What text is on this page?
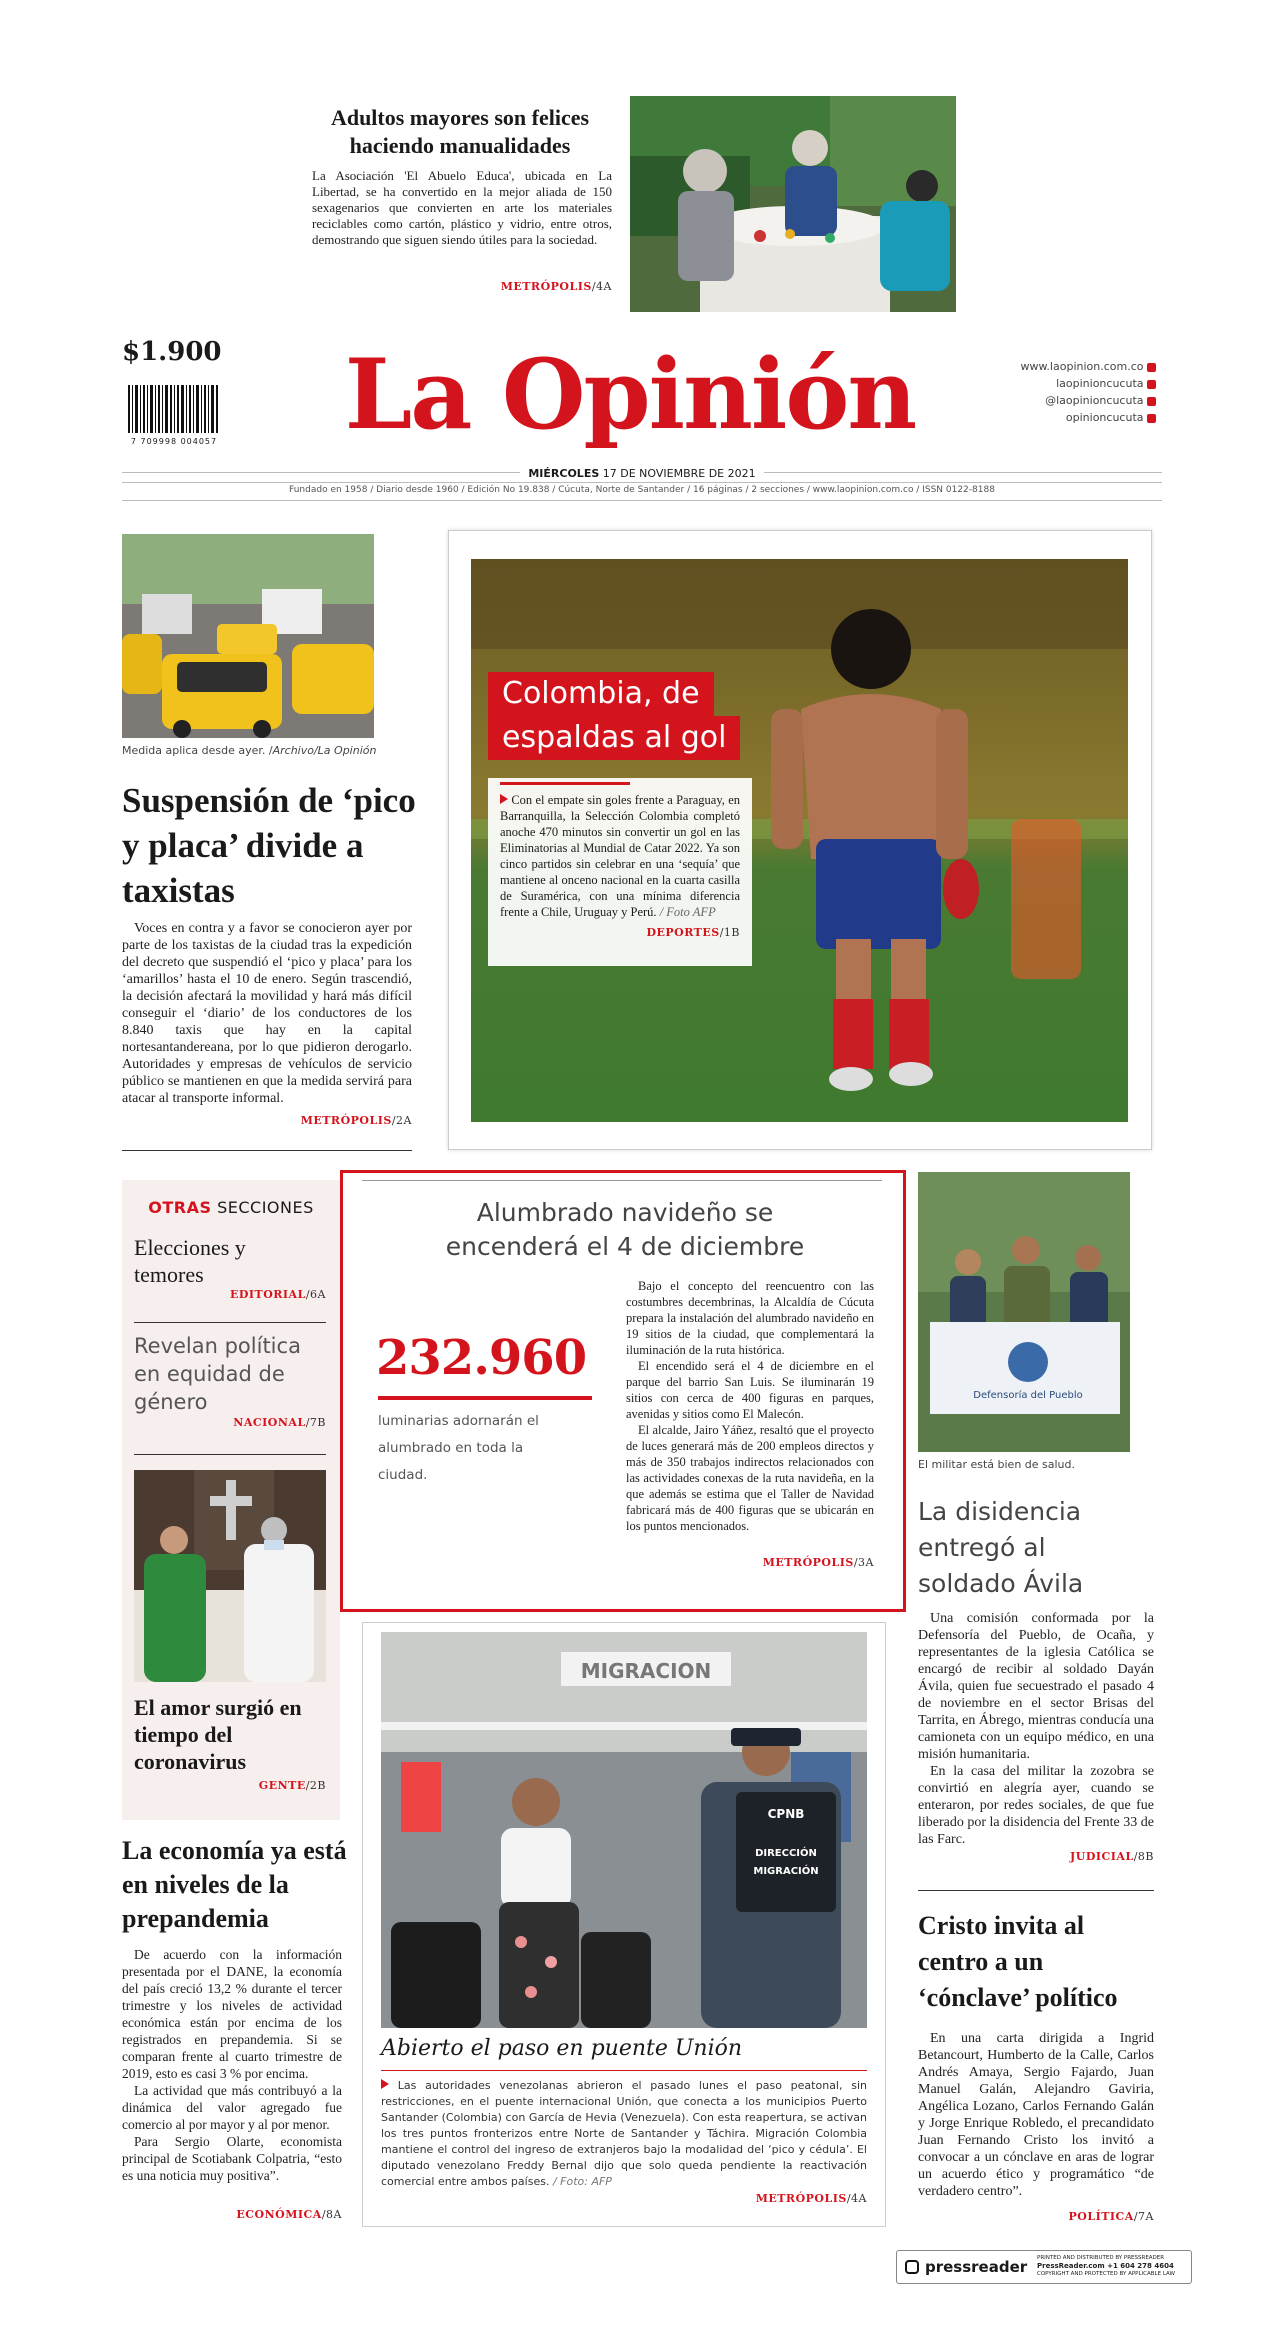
Adultos mayores son felices haciendo manualidades
La Asociación 'El Abuelo Educa', ubicada en La Libertad, se ha convertido en la mejor aliada de 150 sexagenarios que convierten en arte los materiales reciclables como cartón, plástico y vidrio, entre otros, demostrando que siguen siendo útiles para la sociedad.
METRÓPOLIS/4A
$1.900
7 709998 004057	La Opinión	www.laopinion.com.co
laopinioncucuta
@laopinioncucuta
opinioncucuta
MIÉRCOLES 17 DE NOVIEMBRE DE 2021
Fundado en 1958 / Diario desde 1960 / Edición No 19.838 / Cúcuta, Norte de Santander / 16 páginas / 2 secciones / www.laopinion.com.co / ISSN 0122-8188
Medida aplica desde ayer. /Archivo/La Opinión
Suspensión de ‘pico y placa’ divide a taxistas
Voces en contra y a favor se conocieron ayer por parte de los taxistas de la ciudad tras la expedición del decreto que suspendió el ‘pico y placa’ para los ‘amarillos’ hasta el 10 de enero. Según trascendió, la decisión afectará la movilidad y hará más difícil conseguir el ‘diario’ de los conductores de los 8.840 taxis que hay en la capital nortesantandereana, por lo que pidieron derogarlo. Autoridades y empresas de vehículos de servicio público se mantienen en que la medida servirá para atacar al transporte informal.
METRÓPOLIS/2A
Colombia, de espaldas al gol
Con el empate sin goles frente a Paraguay, en Barranquilla, la Selección Colombia completó anoche 470 minutos sin convertir un gol en las Eliminatorias al Mundial de Catar 2022. Ya son cinco partidos sin celebrar en una ‘sequía’ que mantiene al onceno nacional en la cuarta casilla de Suramérica, con una mínima diferencia frente a Chile, Uruguay y Perú. / Foto AFP
DEPORTES/1B
OTRAS SECCIONES
Elecciones y temores
EDITORIAL/6A
Revelan política en equidad de género
NACIONAL/7B
El amor surgió en tiempo del coronavirus
GENTE/2B
Alumbrado navideño se encenderá el 4 de diciembre
232.960
luminarias adornarán el alumbrado en toda la ciudad.
Bajo el concepto del reencuentro con las costumbres decembrinas, la Alcaldía de Cúcuta prepara la instalación del alumbrado navideño en 19 sitios de la ciudad, que complementará la iluminación de la ruta histórica.
El encendido será el 4 de diciembre en el parque del barrio San Luis. Se iluminarán 19 sitios con cerca de 400 figuras en parques, avenidas y sitios como El Malecón.
El alcalde, Jairo Yáñez, resaltó que el proyecto de luces generará más de 200 empleos directos y más de 350 trabajos indirectos relacionados con las actividades conexas de la ruta navideña, en la que además se estima que el Taller de Navidad fabricará más de 400 figuras que se ubicarán en los puntos mencionados.
METRÓPOLIS/3A
Defensoría del Pueblo
El militar está bien de salud.
La disidencia entregó al soldado Ávila
Una comisión conformada por la Defensoría del Pueblo, de Ocaña, y representantes de la iglesia Católica se encargó de recibir al soldado Dayán Ávila, quien fue secuestrado el pasado 4 de noviembre en el sector Brisas del Tarrita, en Ábrego, mientras conducía una camioneta con un equipo médico, en una misión humanitaria.
En la casa del militar la zozobra se convirtió en alegría ayer, cuando se enteraron, por redes sociales, de que fue liberado por la disidencia del Frente 33 de las Farc.
JUDICIAL/8B
La economía ya está en niveles de la prepandemia
De acuerdo con la información presentada por el DANE, la economía del país creció 13,2 % durante el tercer trimestre y los niveles de actividad económica están por encima de los registrados en prepandemia. Si se comparan frente al cuarto trimestre de 2019, esto es casi 3 % por encima.
La actividad que más contribuyó a la dinámica del valor agregado fue comercio al por mayor y al por menor.
Para Sergio Olarte, economista principal de Scotiabank Colpatria, “esto es una noticia muy positiva”.
ECONÓMICA/8A
MIGRACION
CPNB
DIRECCIÓN
MIGRACIÓN
Abierto el paso en puente Unión
Las autoridades venezolanas abrieron el pasado lunes el paso peatonal, sin restricciones, en el puente internacional Unión, que conecta a los municipios Puerto Santander (Colombia) con García de Hevia (Venezuela). Con esta reapertura, se activan los tres puntos fronterizos entre Norte de Santander y Táchira. Migración Colombia mantiene el control del ingreso de extranjeros bajo la modalidad del ‘pico y cédula’. El diputado venezolano Freddy Bernal dijo que solo queda pendiente la reactivación comercial entre ambos países. / Foto: AFP
METRÓPOLIS/4A
Cristo invita al centro a un ‘cónclave’ político
En una carta dirigida a Ingrid Betancourt, Humberto de la Calle, Carlos Andrés Amaya, Sergio Fajardo, Juan Manuel Galán, Alejandro Gaviria, Angélica Lozano, Carlos Fernando Galán y Jorge Enrique Robledo, el precandidato Juan Fernando Cristo los invitó a convocar a un cónclave en aras de lograr un acuerdo ético y programático “de verdadero centro”.
POLÍTICA/7A
pressreader PRINTED AND DISTRIBUTED BY PRESSREADER
PressReader.com +1 604 278 4604
COPYRIGHT AND PROTECTED BY APPLICABLE LAW
